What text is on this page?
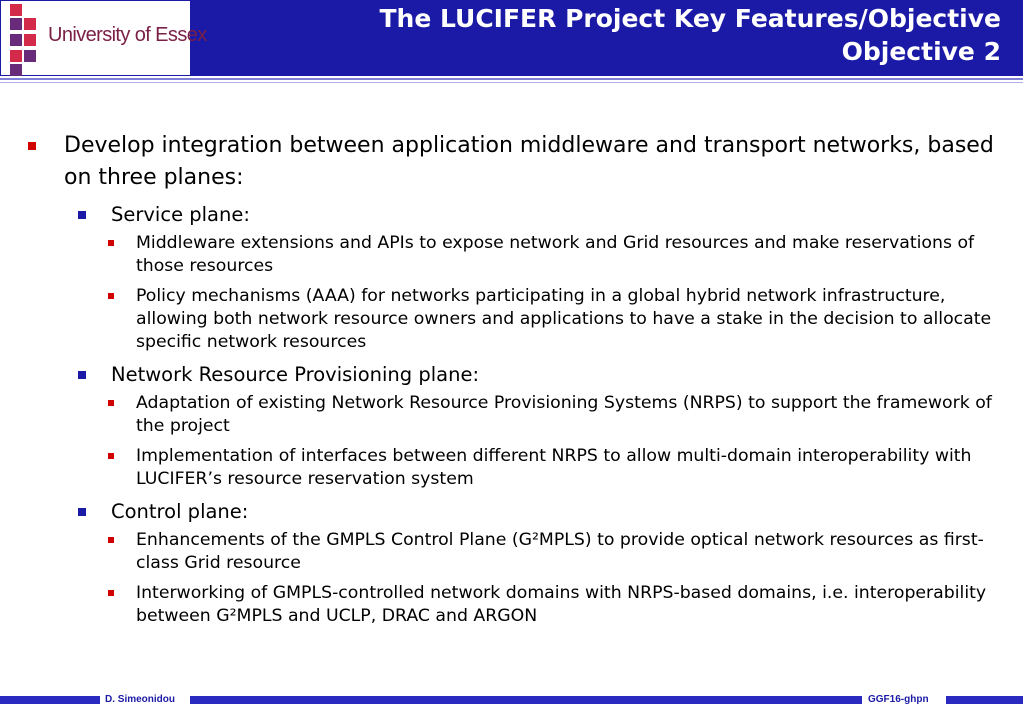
University of Essex
The LUCIFER Project Key Features/Objective
Objective 2
Develop integration between application middleware and transport networks, based on three planes:
Service plane:
Middleware extensions and APIs to expose network and Grid resources and make reservations of those resources
Policy mechanisms (AAA) for networks participating in a global hybrid network infrastructure, allowing both network resource owners and applications to have a stake in the decision to allocate specific network resources
Network Resource Provisioning plane:
Adaptation of existing Network Resource Provisioning Systems (NRPS) to support the framework of the project
Implementation of interfaces between different NRPS to allow multi-domain interoperability with LUCIFER’s resource reservation system
Control plane:
Enhancements of the GMPLS Control Plane (G²MPLS) to provide optical network resources as first-class Grid resource
Interworking of GMPLS-controlled network domains with NRPS-based domains, i.e. interoperability between G²MPLS and UCLP, DRAC and ARGON
D. Simeonidou	GGF16-ghpn
